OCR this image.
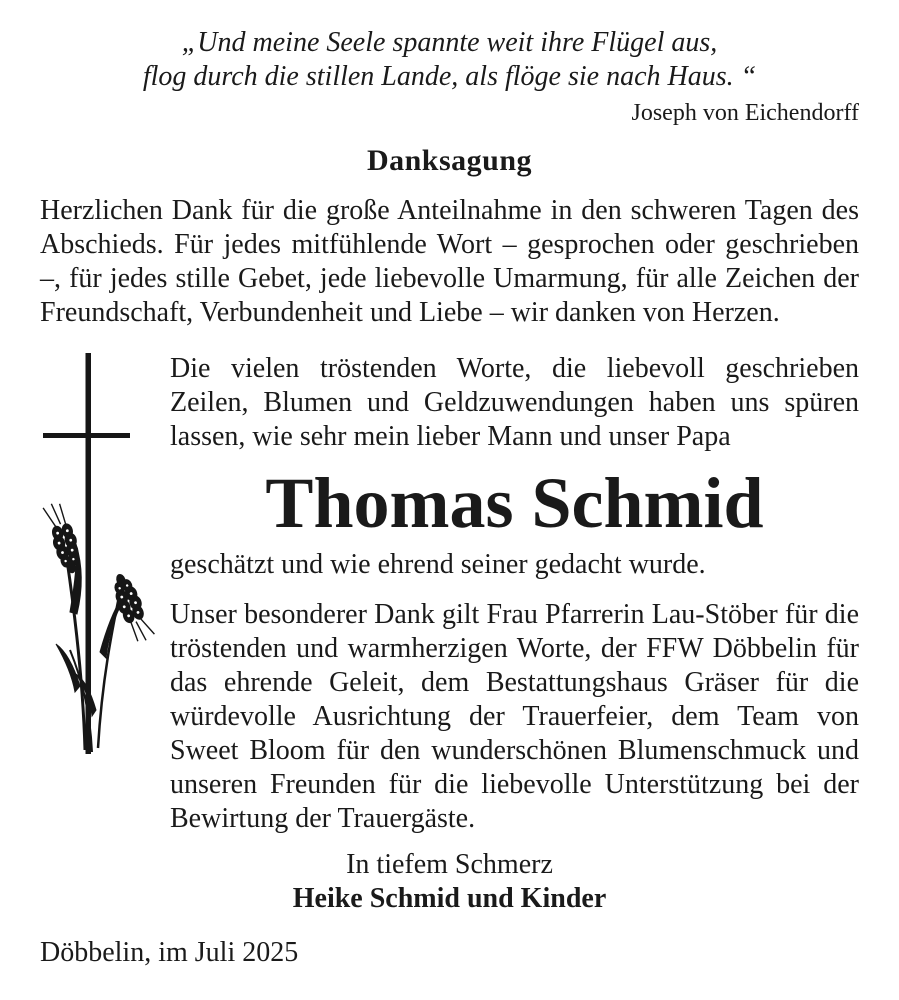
„Und meine Seele spannte weit ihre Flügel aus,
flog durch die stillen Lande, als flöge sie nach Haus. “
Joseph von Eichendorff
Danksagung
Herzlichen Dank für die große Anteilnahme in den schweren Tagen des Abschieds. Für jedes mitfühlende Wort – gesprochen oder geschrieben –, für jedes stille Gebet, jede liebevolle Umarmung, für alle Zeichen der Freundschaft, Verbundenheit und Liebe – wir danken von Herzen.
Die vielen tröstenden Worte, die liebevoll geschrieben Zeilen, Blumen und Geldzuwendungen haben uns spüren lassen, wie sehr mein lieber Mann und unser Papa
Thomas Schmid
geschätzt und wie ehrend seiner gedacht wurde.
Unser besonderer Dank gilt Frau Pfarrerin Lau-Stöber für die tröstenden und warmherzigen Worte, der FFW Döbbelin für das ehrende Geleit, dem Bestattungshaus Gräser für die würdevolle Ausrichtung der Trauerfeier, dem Team von Sweet Bloom für den wunderschönen Blumenschmuck und unseren Freunden für die liebevolle Unterstützung bei der Bewirtung der Trauergäste.
In tiefem Schmerz
Heike Schmid und Kinder
Döbbelin, im Juli 2025
